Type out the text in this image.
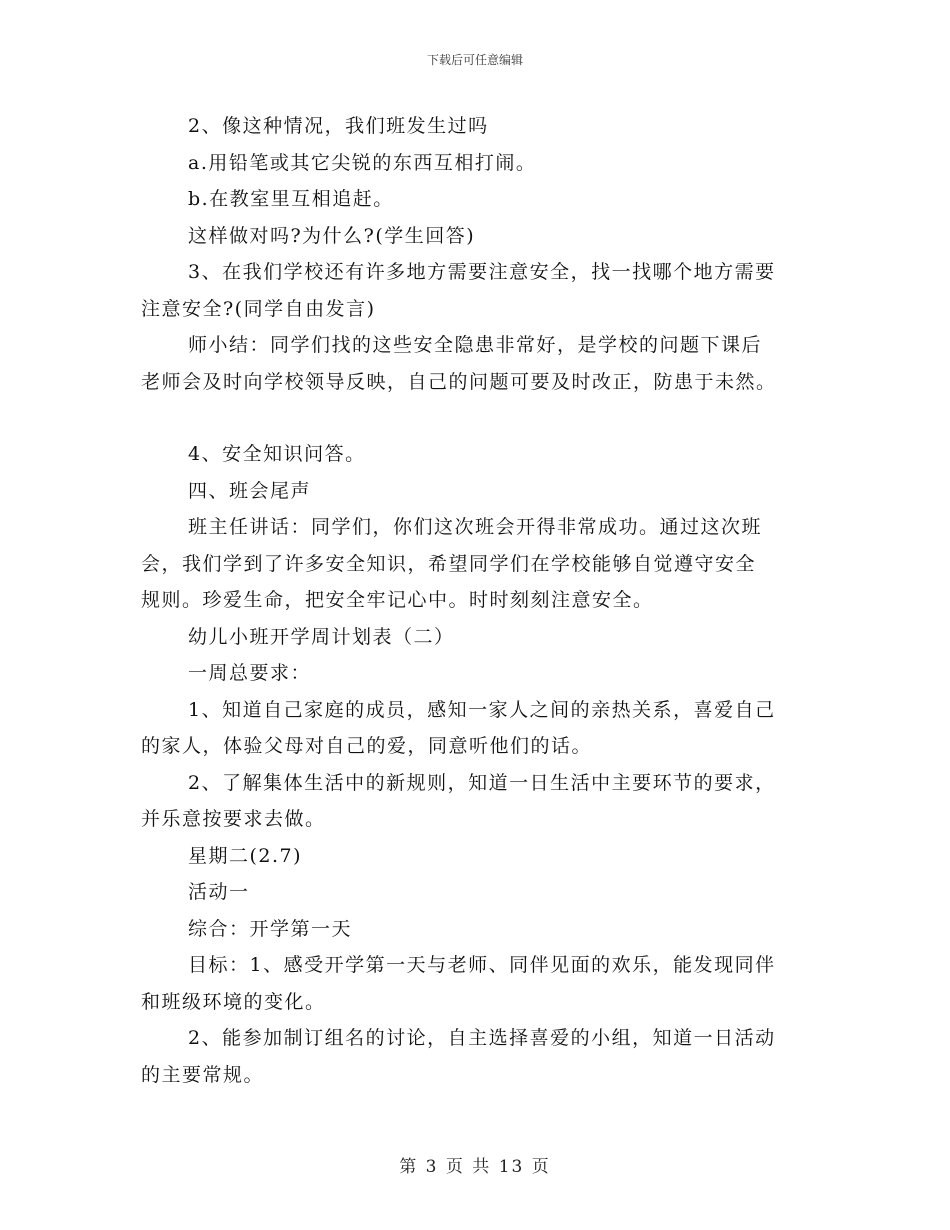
下载后可任意编辑
2、像这种情况，我们班发生过吗
a.用铅笔或其它尖锐的东西互相打闹。
b.在教室里互相追赶。
这样做对吗?为什么?(学生回答)
3、在我们学校还有许多地方需要注意安全，找一找哪个地方需要
注意安全?(同学自由发言)
师小结：同学们找的这些安全隐患非常好，是学校的问题下课后
老师会及时向学校领导反映，自己的问题可要及时改正，防患于未然。
4、安全知识问答。
四、班会尾声
班主任讲话：同学们，你们这次班会开得非常成功。通过这次班
会，我们学到了许多安全知识，希望同学们在学校能够自觉遵守安全
规则。珍爱生命，把安全牢记心中。时时刻刻注意安全。
幼儿小班开学周计划表（二）
一周总要求：
1、知道自己家庭的成员，感知一家人之间的亲热关系，喜爱自己
的家人，体验父母对自己的爱，同意听他们的话。
2、了解集体生活中的新规则，知道一日生活中主要环节的要求，
并乐意按要求去做。
星期二(2.7)
活动一
综合：开学第一天
目标：1、感受开学第一天与老师、同伴见面的欢乐，能发现同伴
和班级环境的变化。
2、能参加制订组名的讨论，自主选择喜爱的小组，知道一日活动
的主要常规。
第 3 页 共 13 页
